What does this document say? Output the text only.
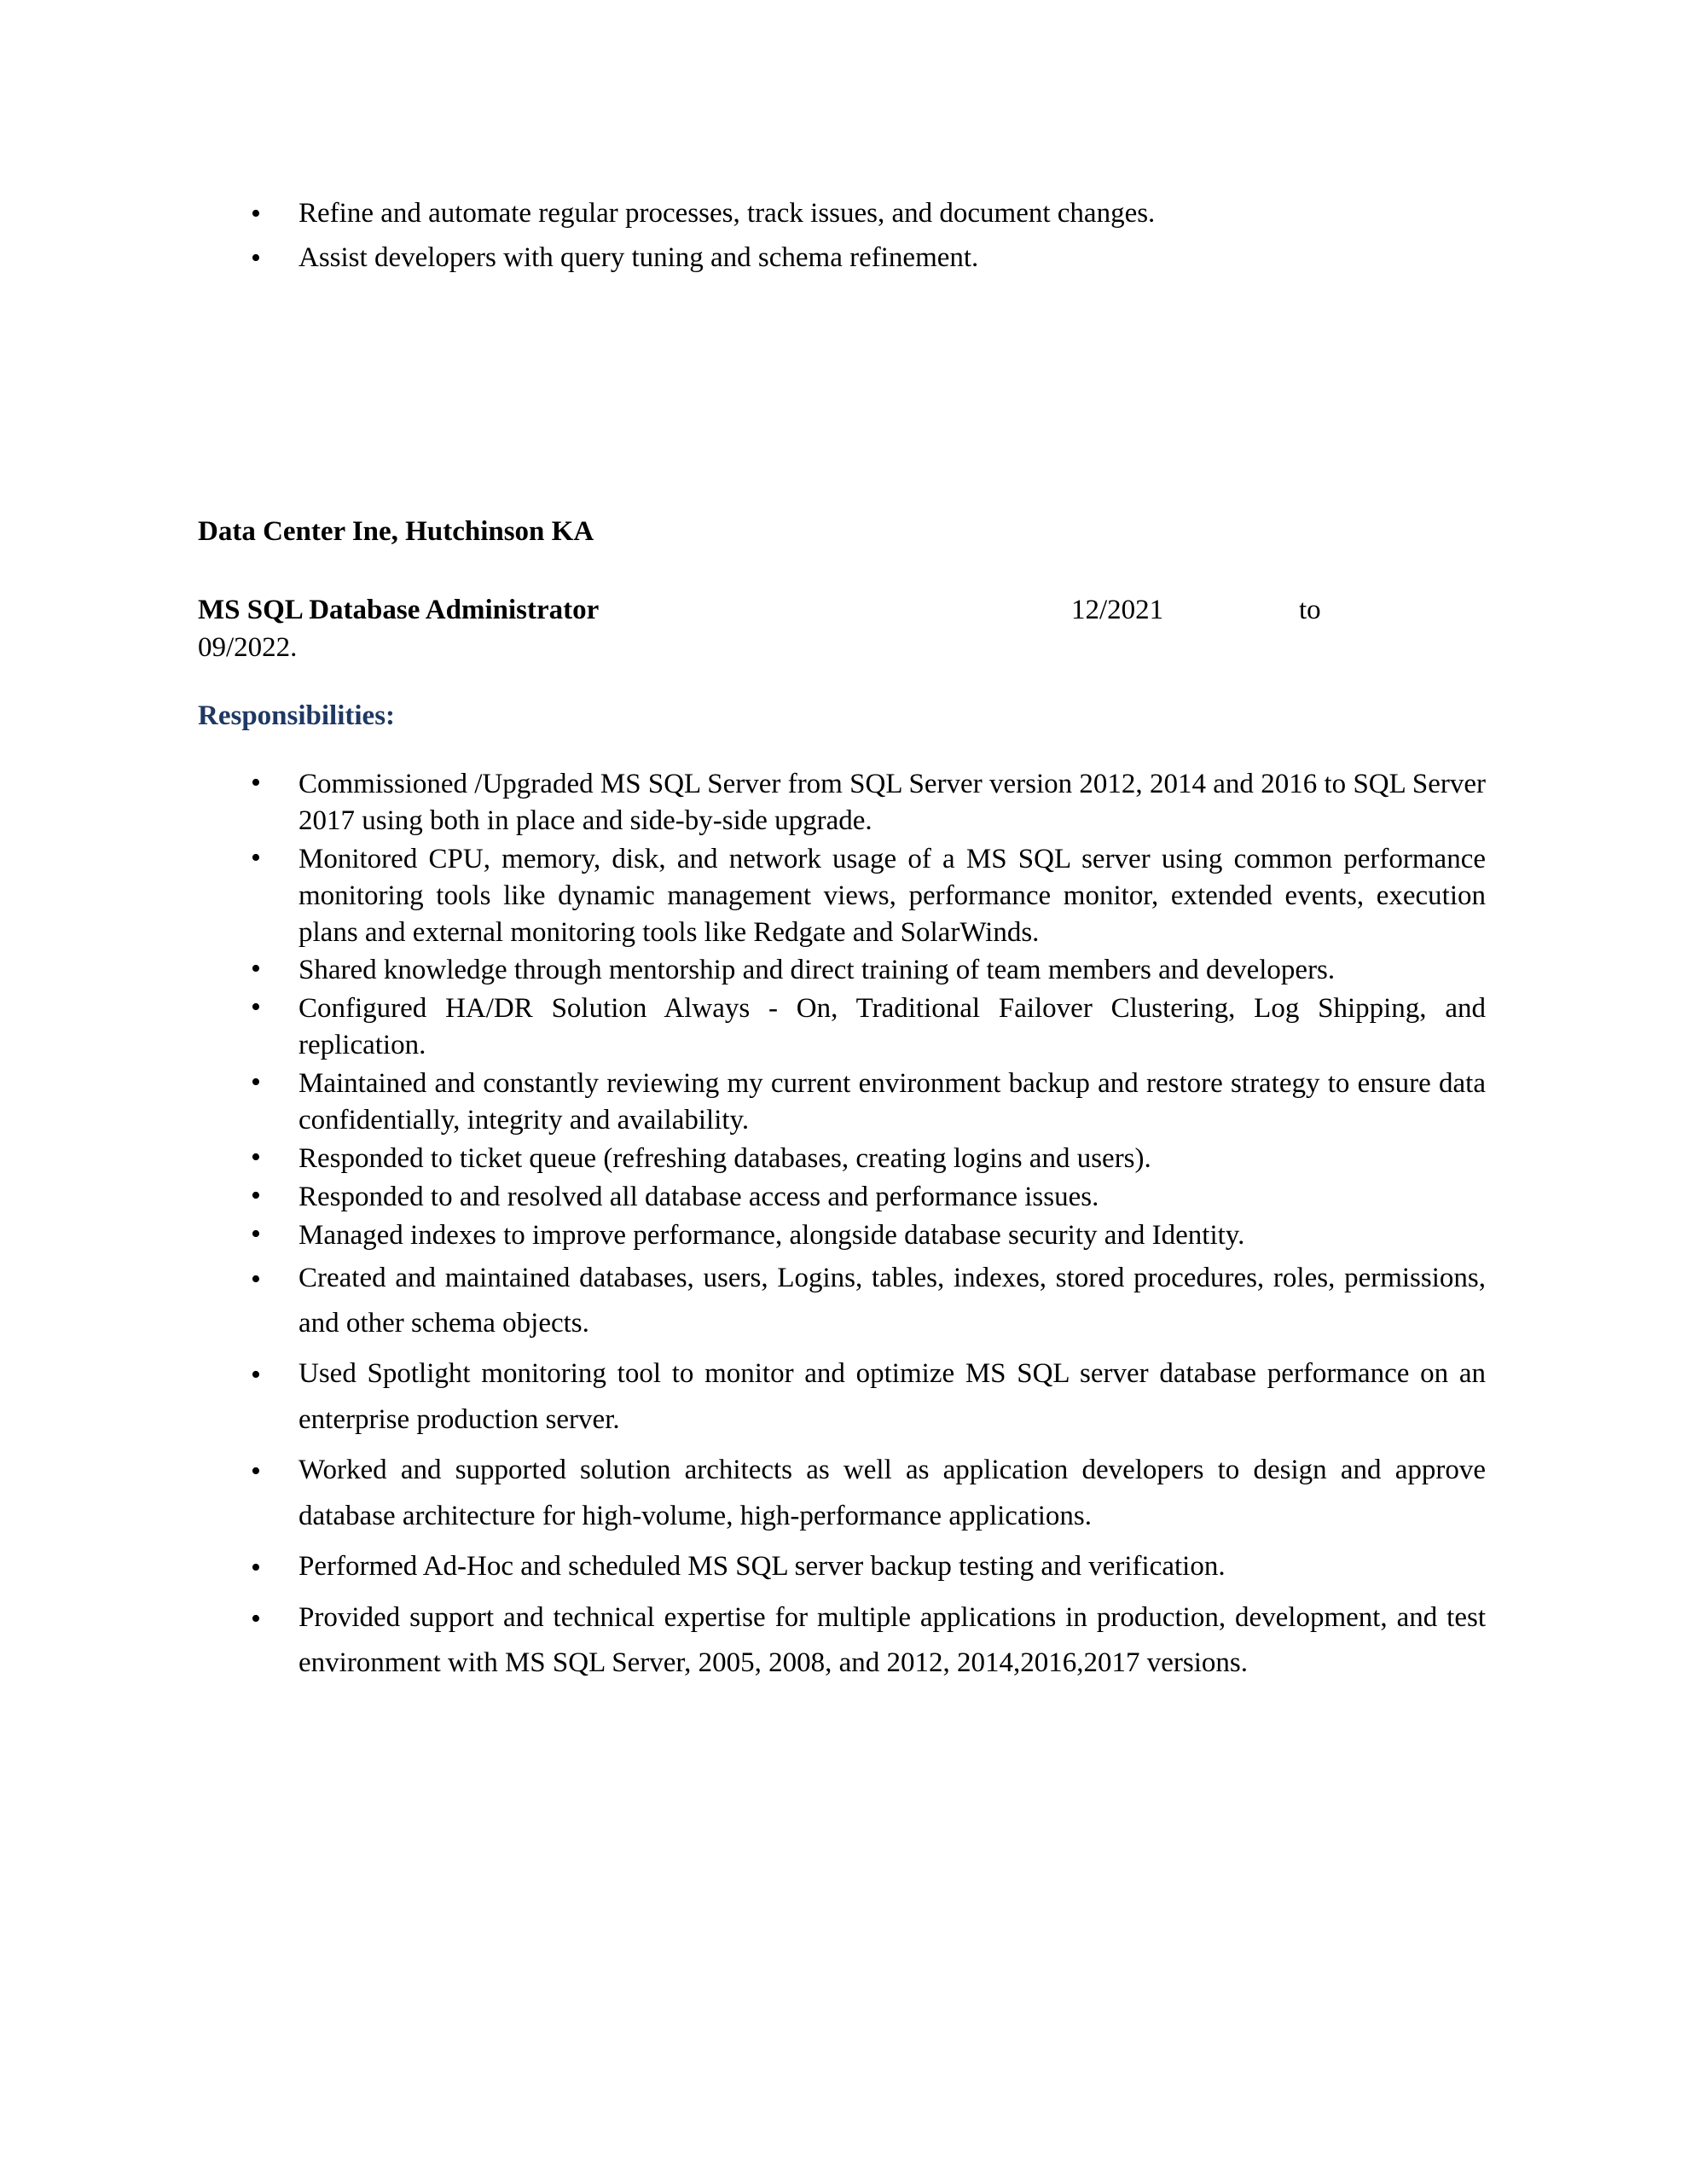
• Refine and automate regular processes, track issues, and document changes.
• Assist developers with query tuning and schema refinement.

Data Center Ine, Hutchinson KA

MS SQL Database Administrator	12/2021	to
09/2022.

Responsibilities:
• Commissioned /Upgraded MS SQL Server from SQL Server version 2012, 2014 and 2016 to SQL Server 2017 using both in place and side-by-side upgrade.
• Monitored CPU, memory, disk, and network usage of a MS SQL server using common performance monitoring tools like dynamic management views, performance monitor, extended events, execution plans and external monitoring tools like Redgate and SolarWinds.
• Shared knowledge through mentorship and direct training of team members and developers.
• Configured HA/DR Solution Always - On, Traditional Failover Clustering, Log Shipping, and replication.
• Maintained and constantly reviewing my current environment backup and restore strategy to ensure data confidentially, integrity and availability.
• Responded to ticket queue (refreshing databases, creating logins and users).
• Responded to and resolved all database access and performance issues.
• Managed indexes to improve performance, alongside database security and Identity.
• Created and maintained databases, users, Logins, tables, indexes, stored procedures, roles, permissions, and other schema objects.
• Used Spotlight monitoring tool to monitor and optimize MS SQL server database performance on an enterprise production server.
• Worked and supported solution architects as well as application developers to design and approve database architecture for high-volume, high-performance applications.
• Performed Ad-Hoc and scheduled MS SQL server backup testing and verification.
• Provided support and technical expertise for multiple applications in production, development, and test environment with MS SQL Server, 2005, 2008, and 2012, 2014,2016,2017 versions.
